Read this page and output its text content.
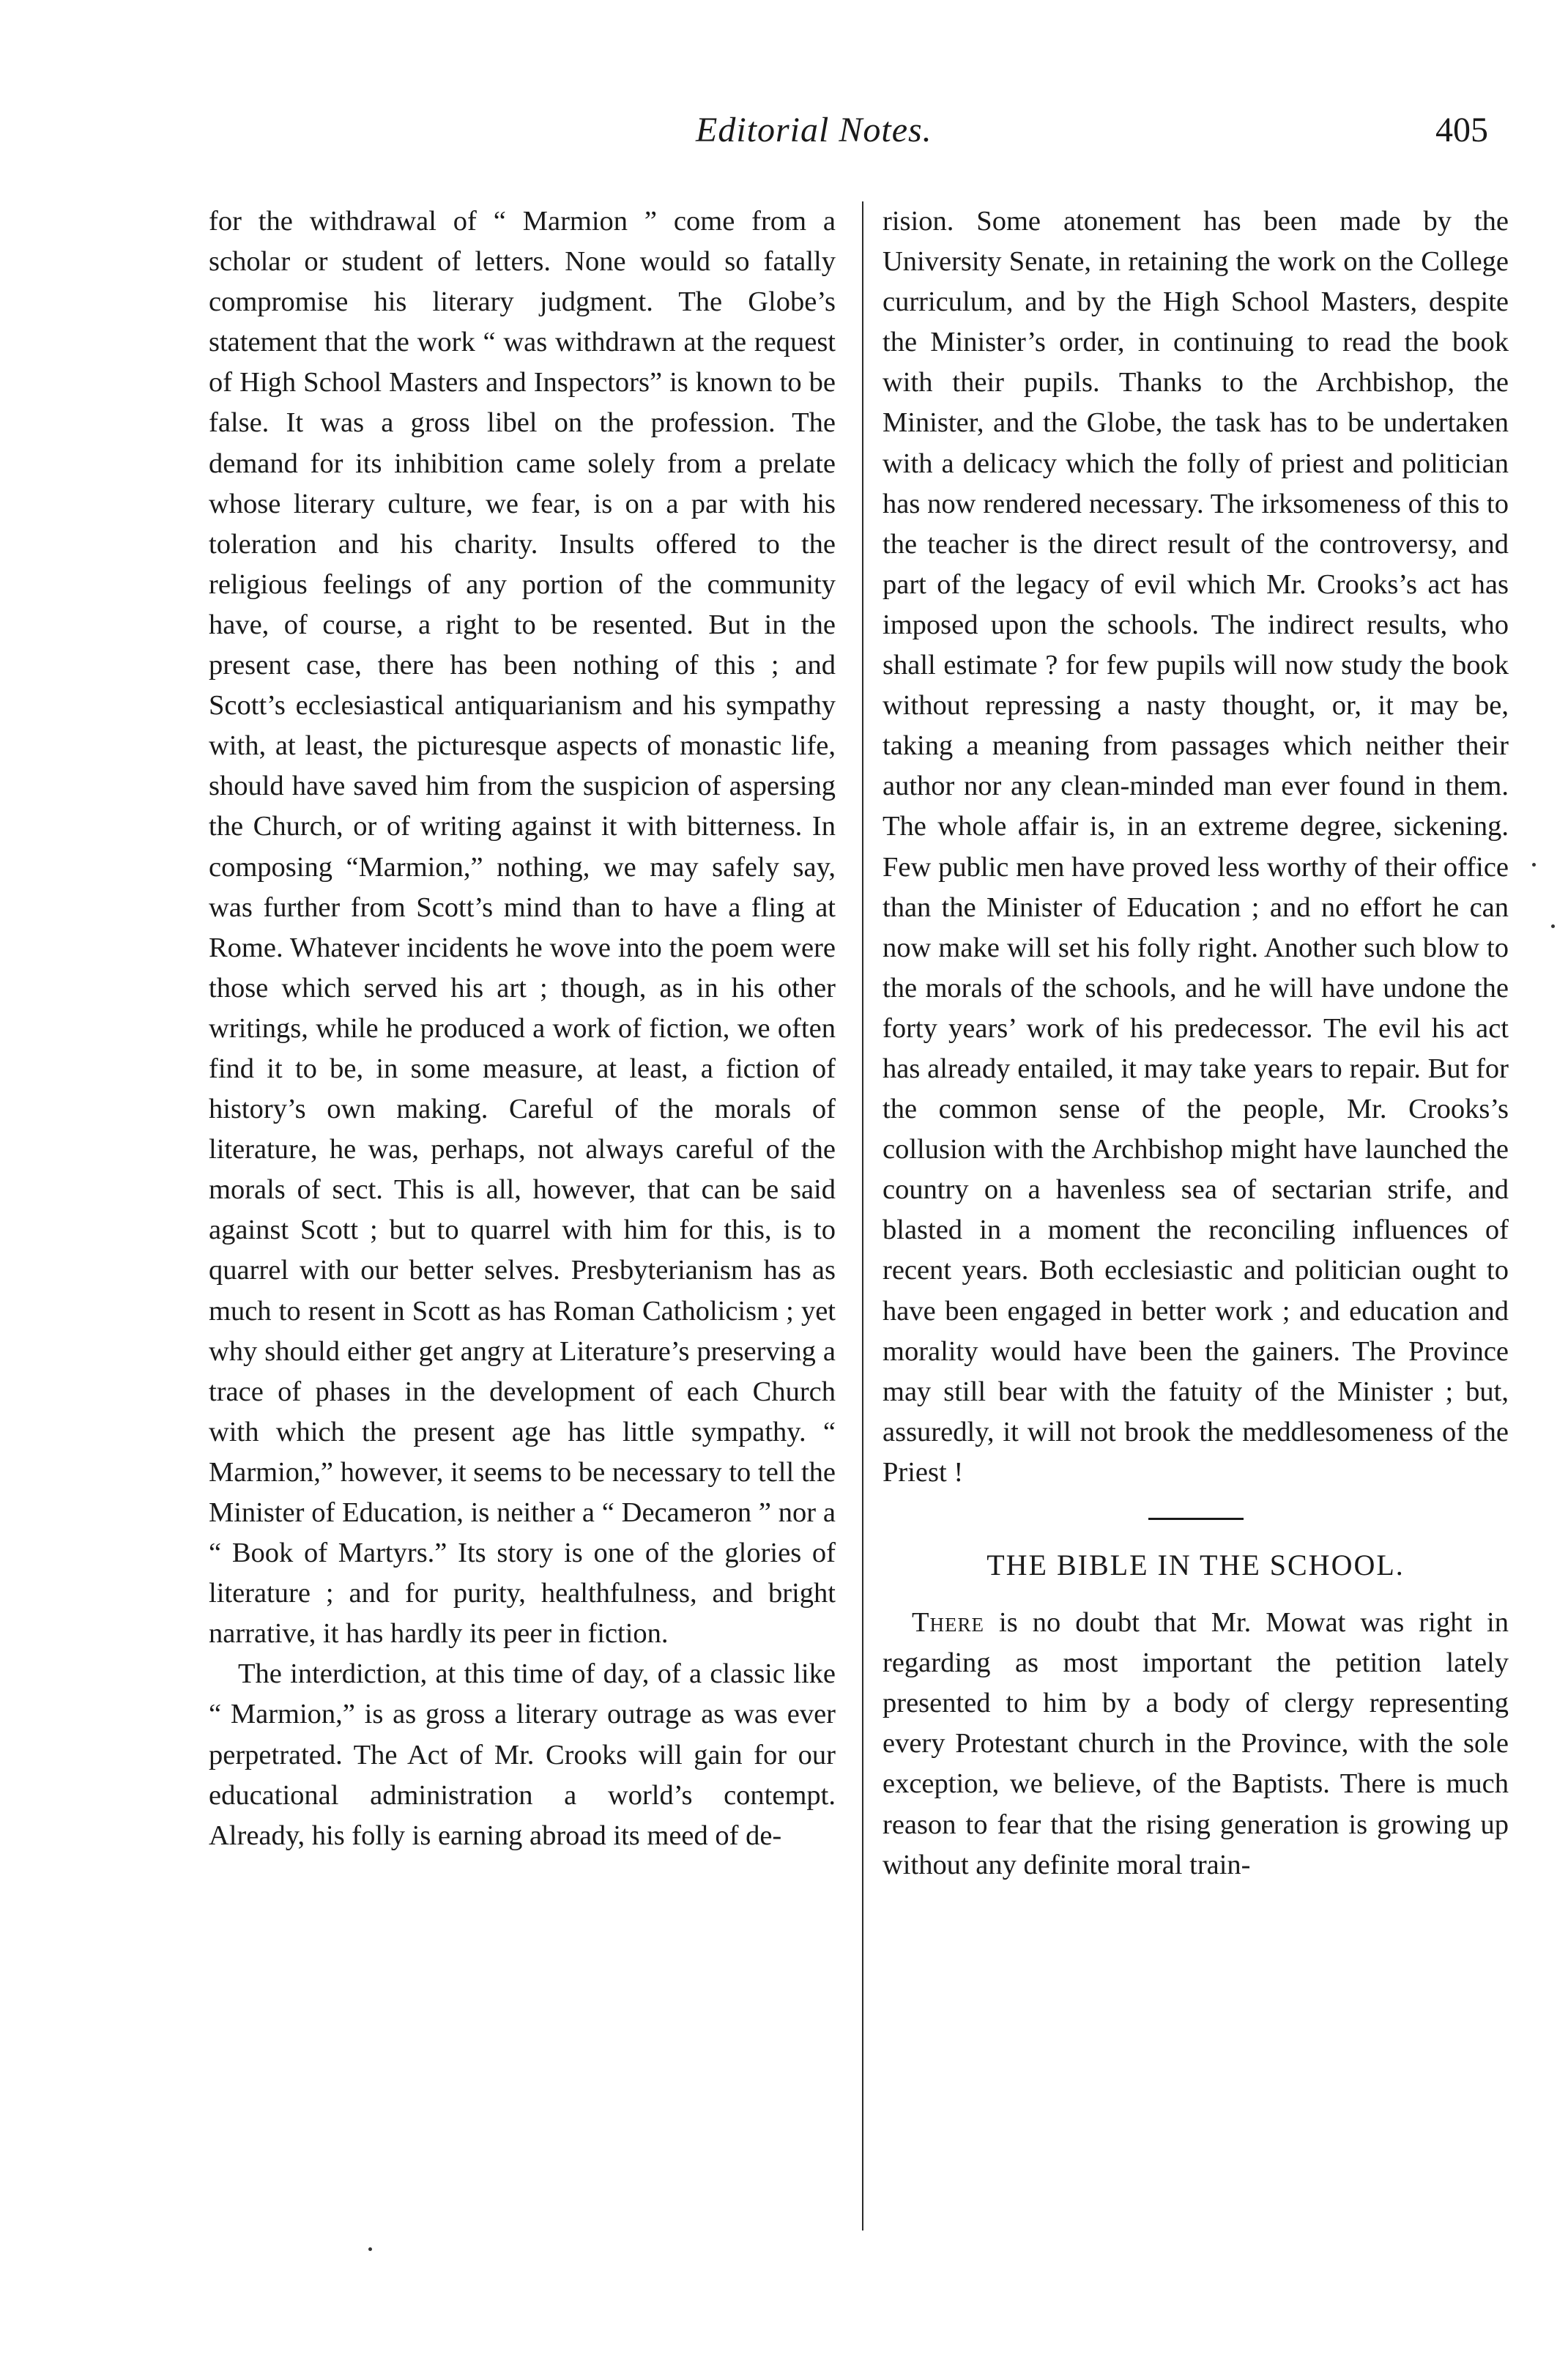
Editorial Notes.	405

for the withdrawal of “ Marmion ” come from a scholar or student of letters. None would so fatally compromise his literary judgment. The Globe’s statement that the work “ was withdrawn at the request of High School Masters and Inspectors” is known to be false. It was a gross libel on the profession. The demand for its inhibition came solely from a prelate whose literary culture, we fear, is on a par with his toleration and his charity. Insults offered to the religious feelings of any portion of the community have, of course, a right to be resented. But in the present case, there has been nothing of this ; and Scott’s ecclesiastical antiquarianism and his sympathy with, at least, the picturesque aspects of monastic life, should have saved him from the suspicion of aspersing the Church, or of writing against it with bitterness. In composing “Marmion,” nothing, we may safely say, was further from Scott’s mind than to have a fling at Rome. Whatever incidents he wove into the poem were those which served his art ; though, as in his other writings, while he produced a work of fiction, we often find it to be, in some measure, at least, a fiction of history’s own making. Careful of the morals of literature, he was, perhaps, not always careful of the morals of sect. This is all, however, that can be said against Scott ; but to quarrel with him for this, is to quarrel with our better selves. Presbyterianism has as much to resent in Scott as has Roman Catholicism ; yet why should either get angry at Literature’s preserving a trace of phases in the development of each Church with which the present age has little sympathy. “ Marmion,” however, it seems to be necessary to tell the Minister of Education, is neither a “ Decameron ” nor a “ Book of Martyrs.” Its story is one of the glories of literature ; and for purity, healthfulness, and bright narrative, it has hardly its peer in fiction.

The interdiction, at this time of day, of a classic like “ Marmion,” is as gross a literary outrage as was ever perpetrated. The Act of Mr. Crooks will gain for our educational administration a world’s contempt. Already, his folly is earning abroad its meed of de-

rision. Some atonement has been made by the University Senate, in retaining the work on the College curriculum, and by the High School Masters, despite the Minister’s order, in continuing to read the book with their pupils. Thanks to the Archbishop, the Minister, and the Globe, the task has to be undertaken with a delicacy which the folly of priest and politician has now rendered necessary. The irksomeness of this to the teacher is the direct result of the controversy, and part of the legacy of evil which Mr. Crooks’s act has imposed upon the schools. The indirect results, who shall estimate ? for few pupils will now study the book without repressing a nasty thought, or, it may be, taking a meaning from passages which neither their author nor any clean-minded man ever found in them. The whole affair is, in an extreme degree, sickening. Few public men have proved less worthy of their office than the Minister of Education ; and no effort he can now make will set his folly right. Another such blow to the morals of the schools, and he will have undone the forty years’ work of his predecessor. The evil his act has already entailed, it may take years to repair. But for the common sense of the people, Mr. Crooks’s collusion with the Archbishop might have launched the country on a havenless sea of sectarian strife, and blasted in a moment the reconciling influences of recent years. Both ecclesiastic and politician ought to have been engaged in better work ; and education and morality would have been the gainers. The Province may still bear with the fatuity of the Minister ; but, assuredly, it will not brook the meddlesomeness of the Priest !

THE BIBLE IN THE SCHOOL.

There is no doubt that Mr. Mowat was right in regarding as most important the petition lately presented to him by a body of clergy representing every Protestant church in the Province, with the sole exception, we believe, of the Baptists. There is much reason to fear that the rising generation is growing up without any definite moral train-
